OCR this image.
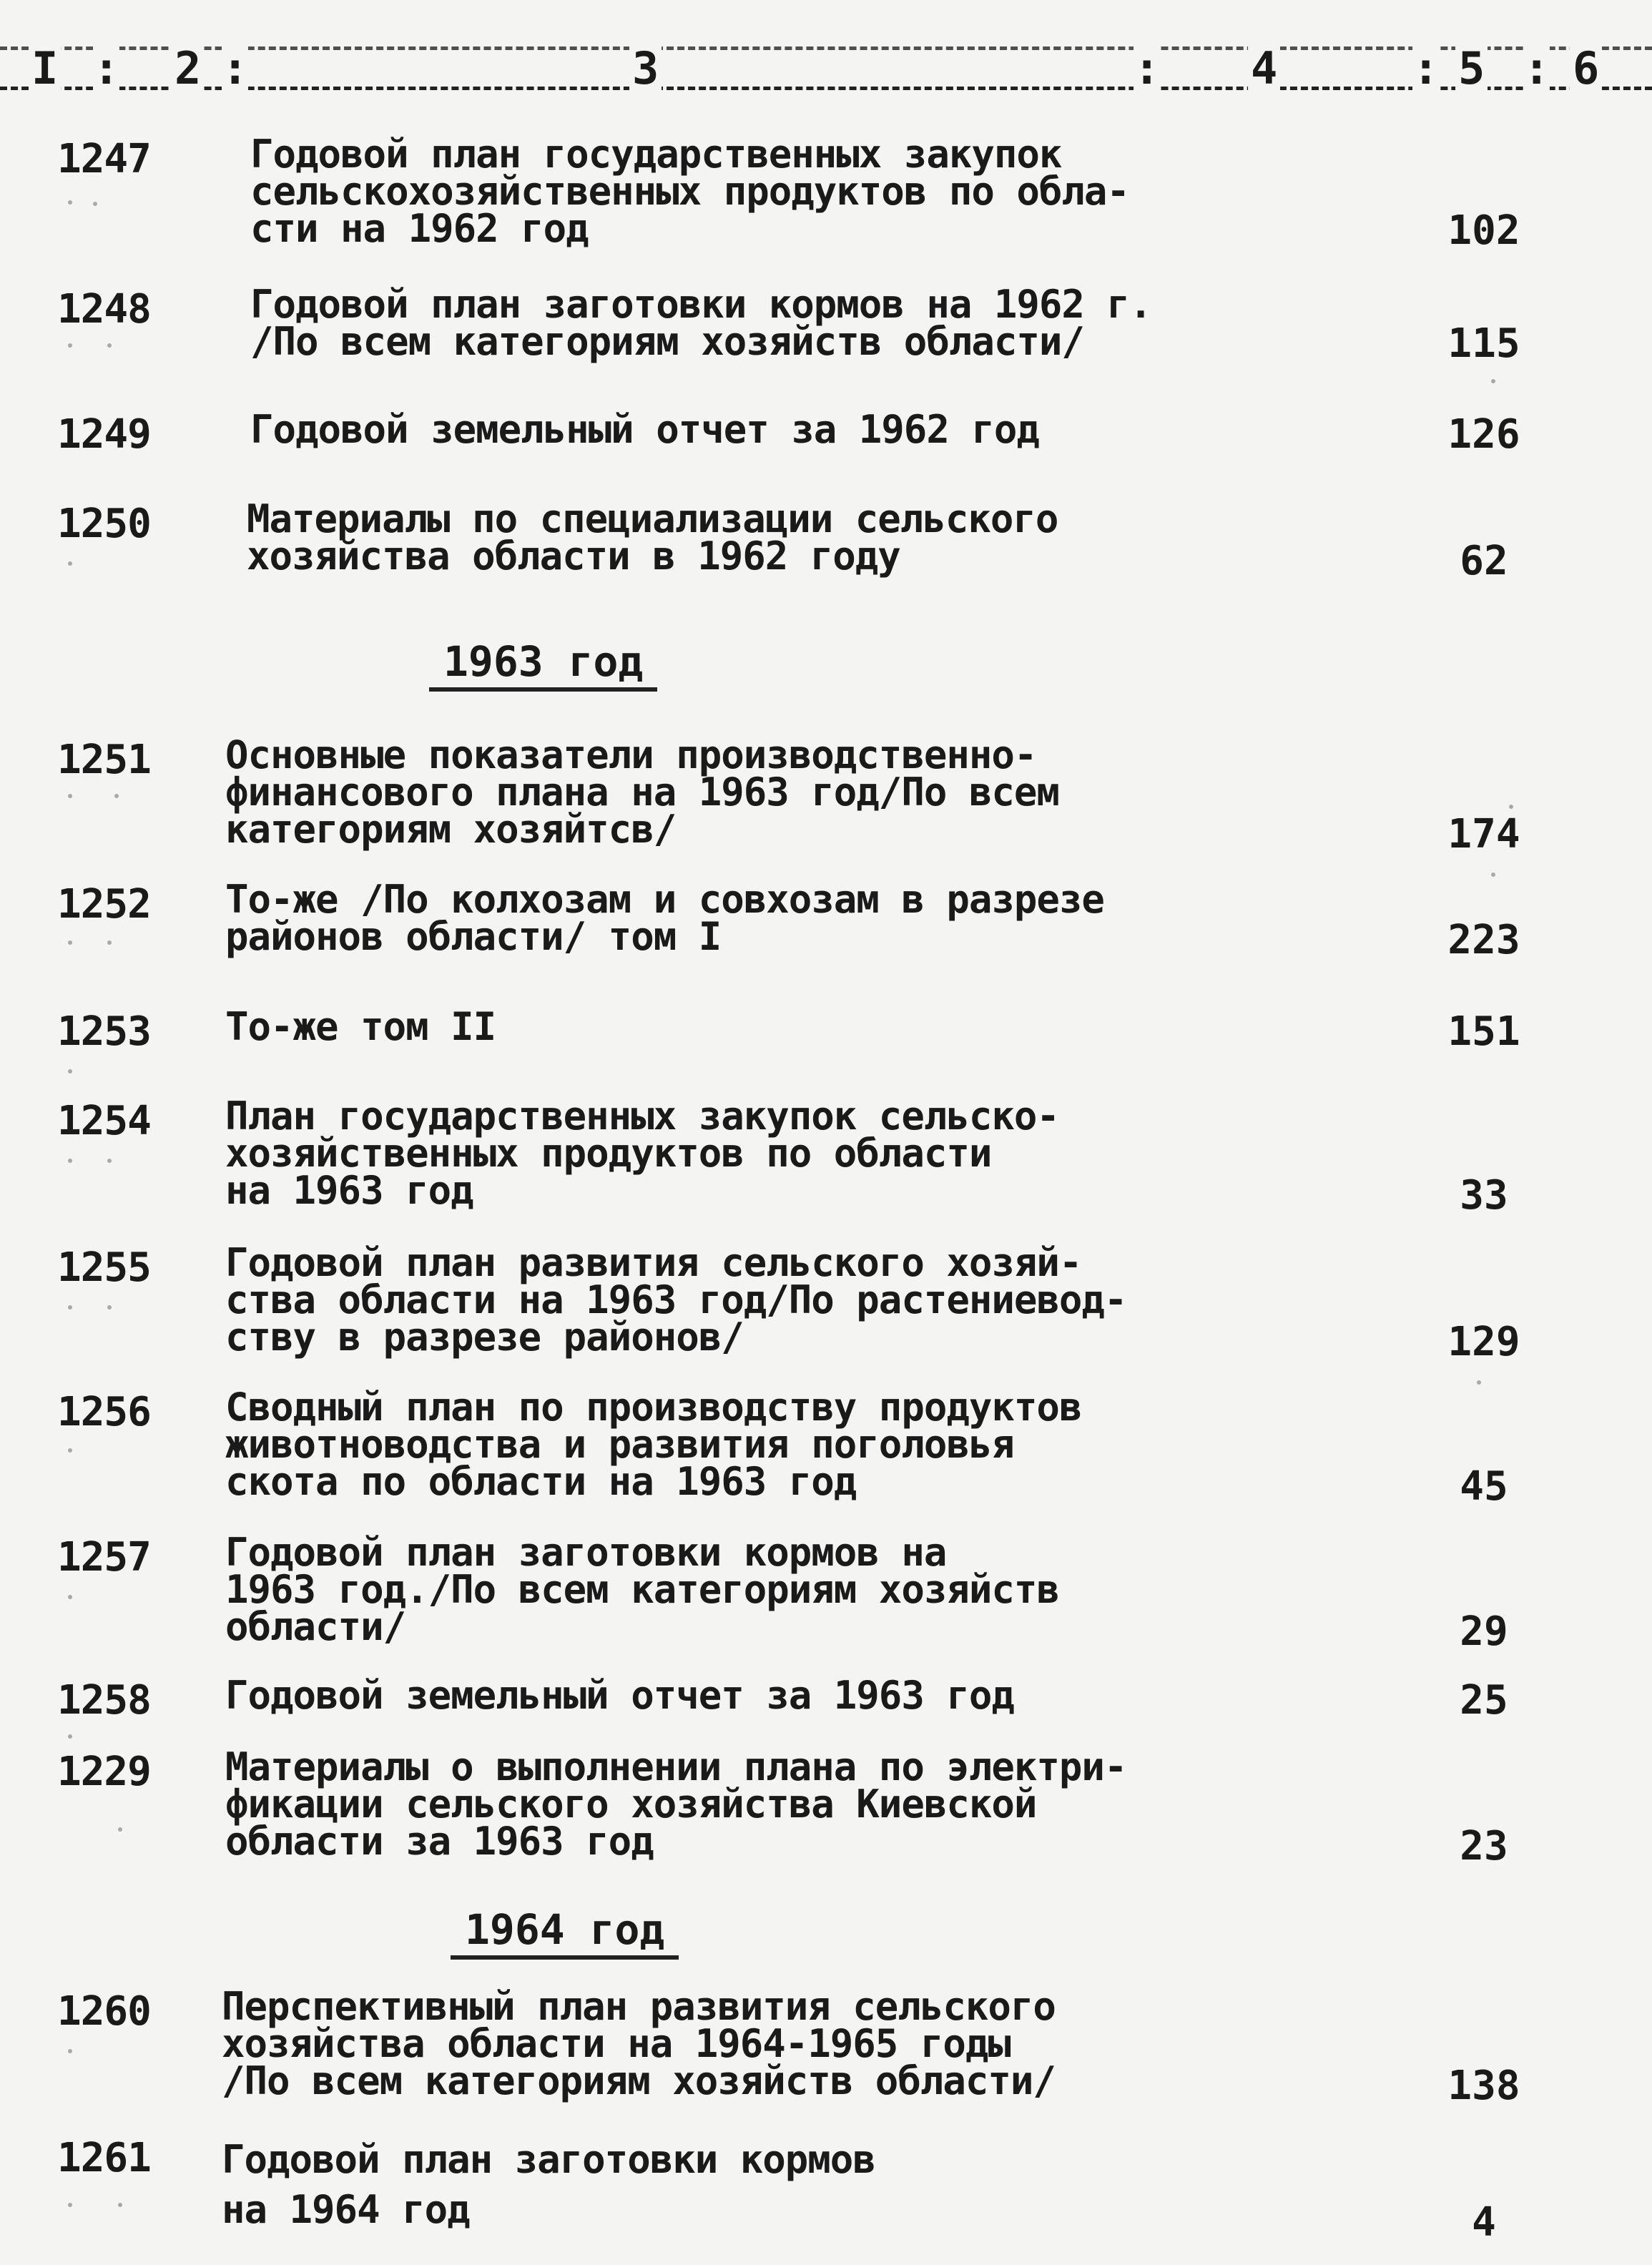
I : 2 :	3	: 4	: 5 : 6
1247	Годовой план государственных закупок
сельскохозяйственных продуктов по обла-
сти на 1962 год	102
1248	Годовой план заготовки кормов на 1962 г.
/По всем категориям хозяйств области/	115
1249	Годовой земельный отчет за 1962 год	126
1250 Материалы по специализации сельского
хозяйства области в 1962 году	62
1963 год
1251 Основные показатели производственно-
финансового плана на 1963 год/По всем
категориям хозяйтсв/	174
1252 То-же /По колхозам и совхозам в разрезе
районов области/ том I	223
1253 То-же том II	151
1254 План государственных закупок сельско-
хозяйственных продуктов по области
на 1963 год	33
1255 Годовой план развития сельского хозяй-
ства области на 1963 год/По растениевод-
ству в разрезе районов/	129
1256 Сводный план по производству продуктов
животноводства и развития поголовья
скота по области на 1963 год	45
1257 Годовой план заготовки кормов на
1963 год./По всем категориям хозяйств
области/	29
1258 Годовой земельный отчет за 1963 год	25
1229 Материалы о выполнении плана по электри-
фикации сельского хозяйства Киевской
области за 1963 год	23
1964 год
1260 Перспективный план развития сельского
хозяйства области на 1964-1965 годы
/По всем категориям хозяйств области/	138
1261 Годовой план заготовки кормов
на 1964 год	4
